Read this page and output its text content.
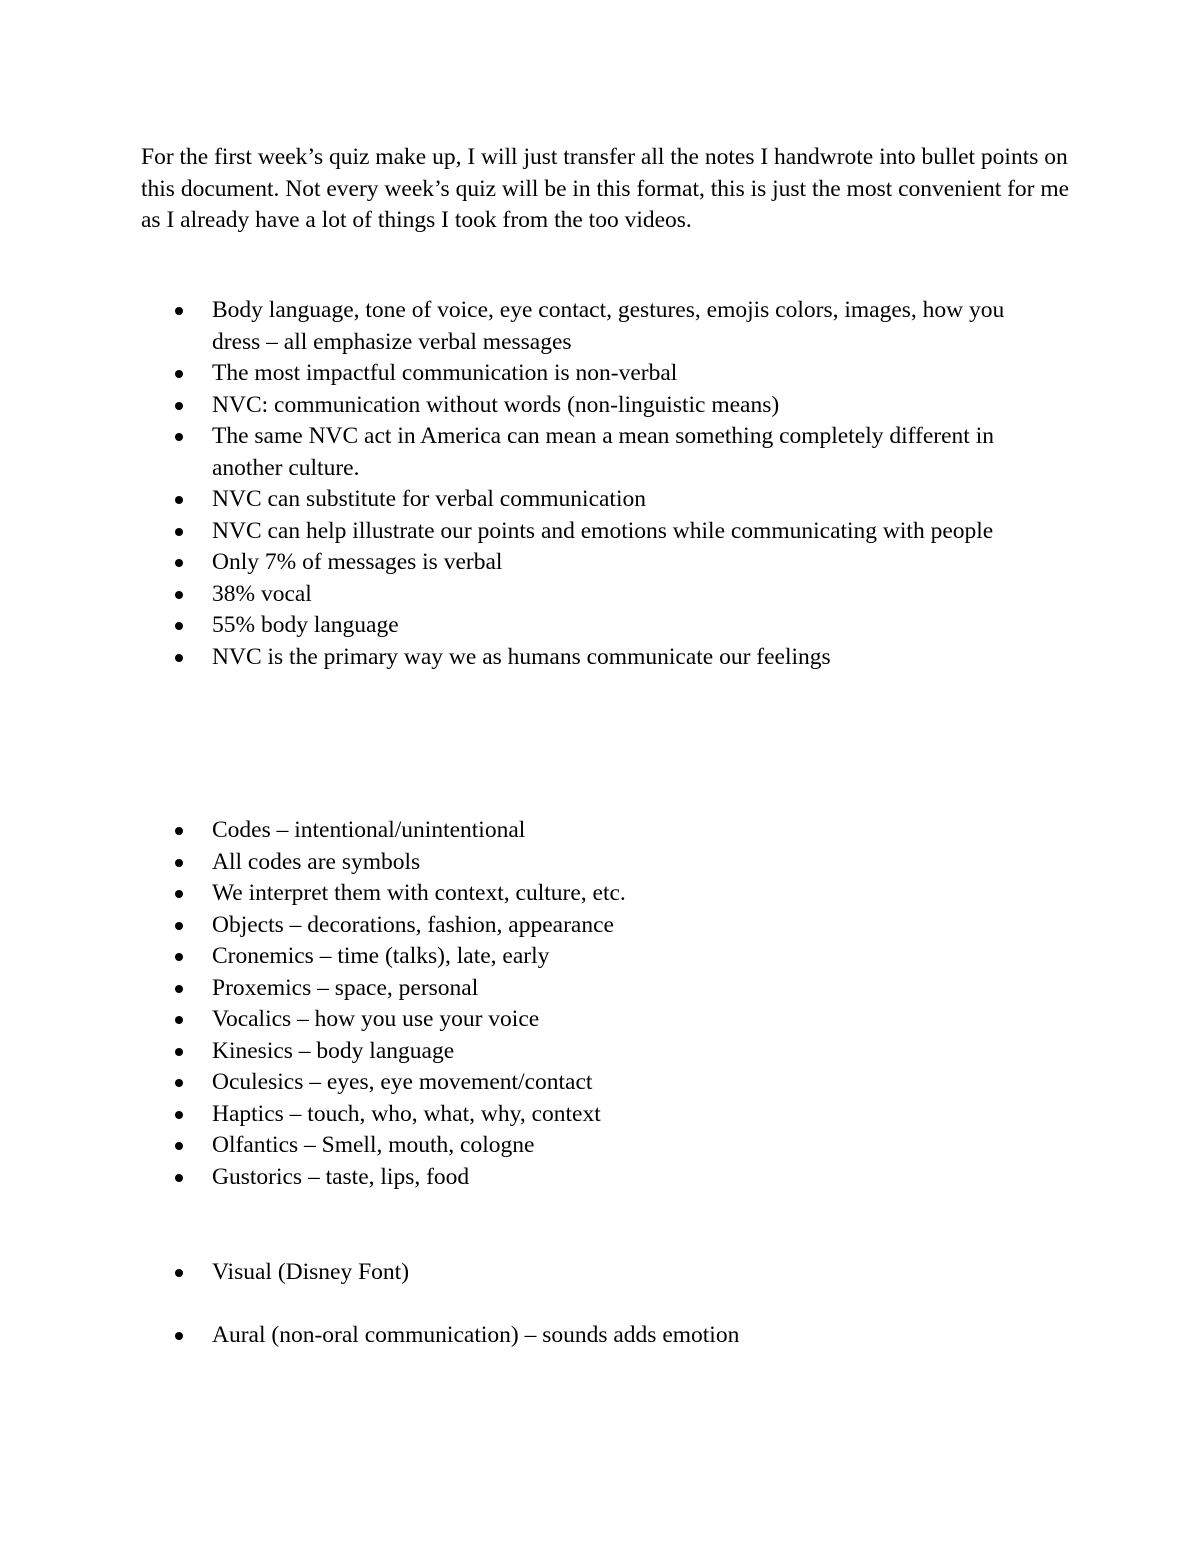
For the first week’s quiz make up, I will just transfer all the notes I handwrote into bullet points on this document. Not every week’s quiz will be in this format, this is just the most convenient for me as I already have a lot of things I took from the too videos.

Body language, tone of voice, eye contact, gestures, emojis colors, images, how you dress – all emphasize verbal messages
The most impactful communication is non-verbal
NVC: communication without words (non-linguistic means)
The same NVC act in America can mean a mean something completely different in another culture.
NVC can substitute for verbal communication
NVC can help illustrate our points and emotions while communicating with people
Only 7% of messages is verbal
38% vocal
55% body language
NVC is the primary way we as humans communicate our feelings
Codes – intentional/unintentional
All codes are symbols
We interpret them with context, culture, etc.
Objects – decorations, fashion, appearance
Cronemics – time (talks), late, early
Proxemics – space, personal
Vocalics – how you use your voice
Kinesics – body language
Oculesics – eyes, eye movement/contact
Haptics – touch, who, what, why, context
Olfantics – Smell, mouth, cologne
Gustorics – taste, lips, food
Visual (Disney Font)
Aural (non-oral communication) – sounds adds emotion
